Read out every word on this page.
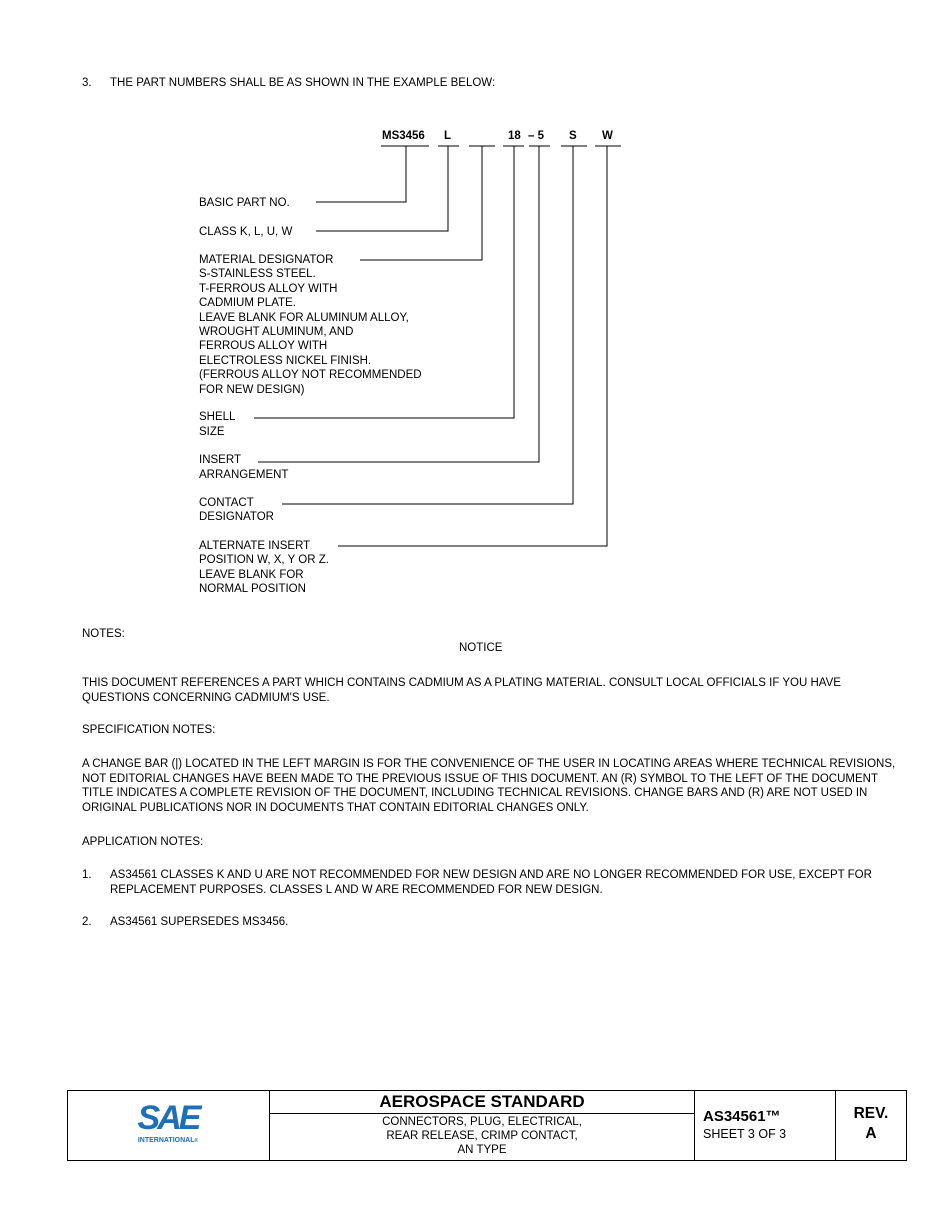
3. THE PART NUMBERS SHALL BE AS SHOWN IN THE EXAMPLE BELOW:
MS3456 L	18 – 5 S W
BASIC PART NO.
CLASS K, L, U, W
MATERIAL DESIGNATOR
S-STAINLESS STEEL.
T-FERROUS ALLOY WITH
CADMIUM PLATE.
LEAVE BLANK FOR ALUMINUM ALLOY,
WROUGHT ALUMINUM, AND
FERROUS ALLOY WITH
ELECTROLESS NICKEL FINISH.
(FERROUS ALLOY NOT RECOMMENDED
FOR NEW DESIGN)
SHELL
SIZE
INSERT
ARRANGEMENT
CONTACT
DESIGNATOR
ALTERNATE INSERT
POSITION W, X, Y OR Z.
LEAVE BLANK FOR
NORMAL POSITION
NOTES:
NOTICE
THIS DOCUMENT REFERENCES A PART WHICH CONTAINS CADMIUM AS A PLATING MATERIAL. CONSULT LOCAL OFFICIALS IF YOU HAVE QUESTIONS CONCERNING CADMIUM'S USE.
SPECIFICATION NOTES:
A CHANGE BAR (|) LOCATED IN THE LEFT MARGIN IS FOR THE CONVENIENCE OF THE USER IN LOCATING AREAS WHERE TECHNICAL REVISIONS, NOT EDITORIAL CHANGES HAVE BEEN MADE TO THE PREVIOUS ISSUE OF THIS DOCUMENT. AN (R) SYMBOL TO THE LEFT OF THE DOCUMENT TITLE INDICATES A COMPLETE REVISION OF THE DOCUMENT, INCLUDING TECHNICAL REVISIONS. CHANGE BARS AND (R) ARE NOT USED IN ORIGINAL PUBLICATIONS NOR IN DOCUMENTS THAT CONTAIN EDITORIAL CHANGES ONLY.
APPLICATION NOTES:
1. AS34561 CLASSES K AND U ARE NOT RECOMMENDED FOR NEW DESIGN AND ARE NO LONGER RECOMMENDED FOR USE, EXCEPT FOR REPLACEMENT PURPOSES. CLASSES L AND W ARE RECOMMENDED FOR NEW DESIGN.
2. AS34561 SUPERSEDES MS3456.
SAE
INTERNATIONAL®
AEROSPACE STANDARD
CONNECTORS, PLUG, ELECTRICAL,
REAR RELEASE, CRIMP CONTACT,
AN TYPE
AS34561™
SHEET 3 OF 3
REV.
A
